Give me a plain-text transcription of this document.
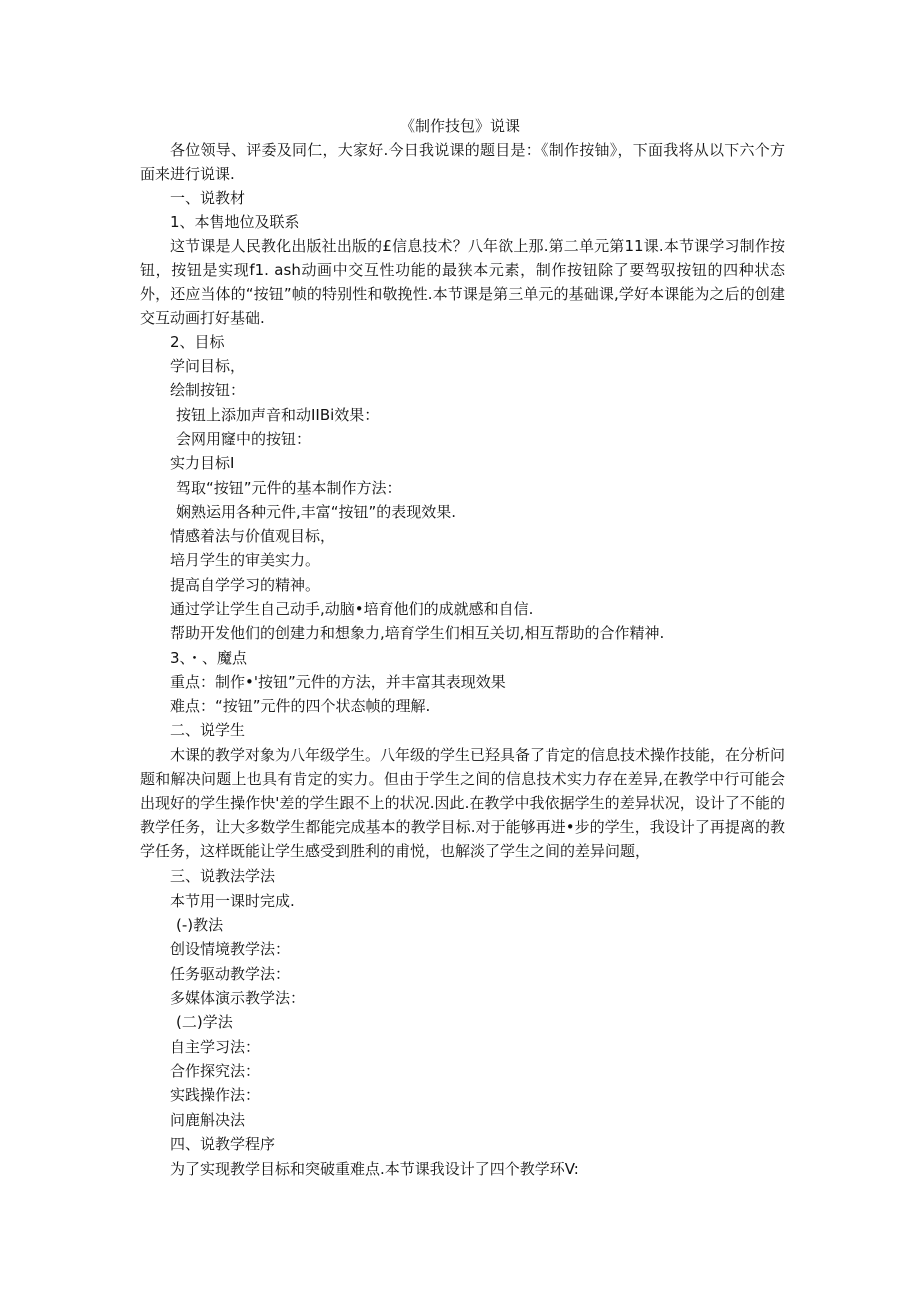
《制作技包》说课
各位领导、评委及同仁，大家好.今日我说课的题目是：《制作按铀》，下面我将从以下六个方面来进行说课.
一、说教材
1、本售地位及联系
这节课是人民教化出版社出版的£信息技术？八年欲上那.第二单元第11课.本节课学习制作按钮，按钮是实现f1. ash动画中交互性功能的最狭本元素，制作按钮除了要驾驭按钮的四种状态外，还应当体的“按钮”帧的特别性和敬挽性.本节课是第三单元的基础课,学好本课能为之后的创建交互动画打好基础.
2、目标
学问目标，
绘制按钮：
按钮上添加声音和动IIBi效果：
会网用窿中的按钮：
实力目标I
驾取“按钮”元件的基本制作方法：
娴熟运用各种元件,丰富“按钮”的表现效果.
情感着法与价值观目标，
培月学生的审美实力。
提高自学学习的精神。
通过学让学生自己动手,动脑•培育他们的成就感和自信.
帮助开发他们的创建力和想象力,培育学生们相互关切,相互帮助的合作精神.
3、・、魔点
重点：制作•'按钮”元件的方法，并丰富其表现效果
难点：“按钮”元件的四个状态帧的理解.
二、说学生
木课的教学对象为八年级学生。八年级的学生已羟具备了肯定的信息技术操作技能，在分析问题和解决问题上也具有肯定的实力。但由于学生之间的信息技术实力存在差异,在教学中行可能会出现好的学生操作快'差的学生跟不上的状况.因此.在教学中我依据学生的差异状况，设计了不能的教学任务，让大多数学生都能完成基本的教学目标.对于能够再进•步的学生，我设计了再提离的教学任务，这样既能让学生感受到胜利的甫悦，也解淡了学生之间的差异问题，
三、说教法学法
本节用一课时完成.
(-)教法
创设情境教学法：
任务驱动教学法：
多媒体演示教学法：
(二)学法
自主学习法：
合作探究法：
实践操作法：
问鹿斛决法
四、说教学程序
为了实现教学目标和突破重难点.本节课我设计了四个教学环V:
